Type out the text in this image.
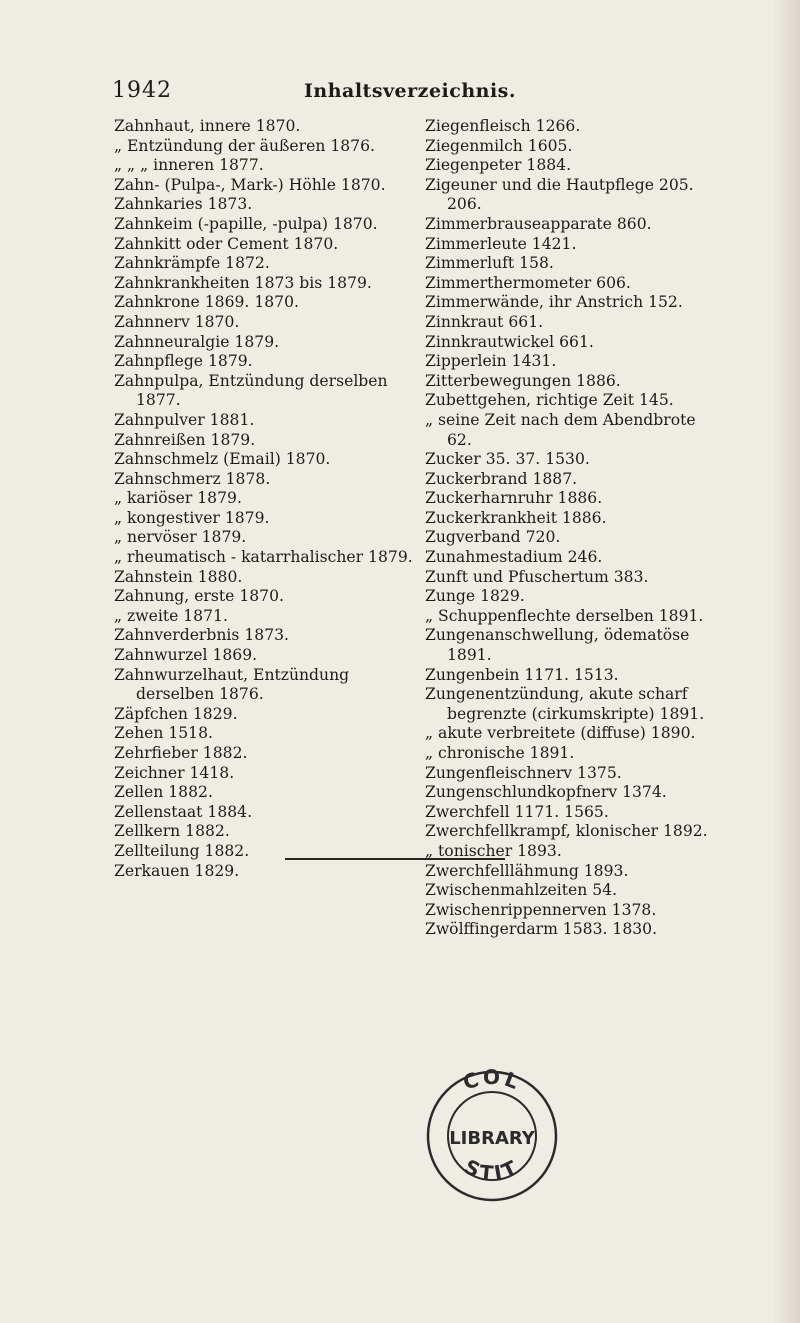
1942	Inhaltsverzeichnis.
Zahnhaut, innere 1870.
„ Entzündung der äußeren 1876.
„ „ „ inneren 1877.
Zahn- (Pulpa-, Mark-) Höhle 1870.
Zahnkaries 1873.
Zahnkeim (-papille, -pulpa) 1870.
Zahnkitt oder Cement 1870.
Zahnkrämpfe 1872.
Zahnkrankheiten 1873 bis 1879.
Zahnkrone 1869. 1870.
Zahnnerv 1870.
Zahnneuralgie 1879.
Zahnpflege 1879.
Zahnpulpa, Entzündung derselben 1877.
Zahnpulver 1881.
Zahnreißen 1879.
Zahnschmelz (Email) 1870.
Zahnschmerz 1878.
„ kariöser 1879.
„ kongestiver 1879.
„ nervöser 1879.
„ rheumatisch - katarrhalischer 1879.
Zahnstein 1880.
Zahnung, erste 1870.
„ zweite 1871.
Zahnverderbnis 1873.
Zahnwurzel 1869.
Zahnwurzelhaut, Entzündung derselben 1876.
Zäpfchen 1829.
Zehen 1518.
Zehrfieber 1882.
Zeichner 1418.
Zellen 1882.
Zellenstaat 1884.
Zellkern 1882.
Zellteilung 1882.
Zerkauen 1829.
Ziegenfleisch 1266.
Ziegenmilch 1605.
Ziegenpeter 1884.
Zigeuner und die Hautpflege 205. 206.
Zimmerbrauseapparate 860.
Zimmerleute 1421.
Zimmerluft 158.
Zimmerthermometer 606.
Zimmerwände, ihr Anstrich 152.
Zinnkraut 661.
Zinnkrautwickel 661.
Zipperlein 1431.
Zitterbewegungen 1886.
Zubettgehen, richtige Zeit 145.
„ seine Zeit nach dem Abendbrote 62.
Zucker 35. 37. 1530.
Zuckerbrand 1887.
Zuckerharnruhr 1886.
Zuckerkrankheit 1886.
Zugverband 720.
Zunahmestadium 246.
Zunft und Pfuschertum 383.
Zunge 1829.
„ Schuppenflechte derselben 1891.
Zungenanschwellung, ödematöse 1891.
Zungenbein 1171. 1513.
Zungenentzündung, akute scharf begrenzte (cirkumskripte) 1891.
„ akute verbreitete (diffuse) 1890.
„ chronische 1891.
Zungenfleischnerv 1375.
Zungenschlundkopfnerv 1374.
Zwerchfell 1171. 1565.
Zwerchfellkrampf, klonischer 1892.
„ tonischer 1893.
Zwerchfelllähmung 1893.
Zwischenmahlzeiten 54.
Zwischenrippennerven 1378.
Zwölffingerdarm 1583. 1830.
COL
LIBRARY
STIT
